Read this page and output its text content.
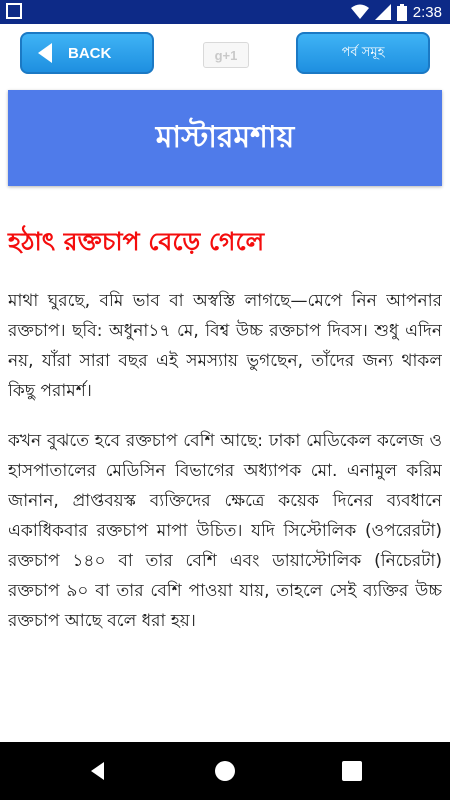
2:38
BACK	g+1	পর্ব সমূহ
মাস্টারমশায়
হঠাৎ রক্তচাপ বেড়ে গেলে

মাথা ঘুরছে, বমি ভাব বা অস্বস্তি লাগছে—মেপে নিন আপনার রক্তচাপ। ছবি: অধুনা১৭ মে, বিশ্ব উচ্চ রক্তচাপ দিবস। শুধু এদিন নয়, যাঁরা সারা বছর এই সমস্যায় ভুগছেন, তাঁদের জন্য থাকল কিছু পরামর্শ।

কখন বুঝতে হবে রক্তচাপ বেশি আছে: ঢাকা মেডিকেল কলেজ ও হাসপাতালের মেডিসিন বিভাগের অধ্যাপক মো. এনামুল করিম জানান, প্রাপ্তবয়স্ক ব্যক্তিদের ক্ষেত্রে কয়েক দিনের ব্যবধানে একাধিকবার রক্তচাপ মাপা উচিত। যদি সিস্টোলিক (ওপরেরটা) রক্তচাপ ১৪০ বা তার বেশি এবং ডায়াস্টোলিক (নিচেরটা) রক্তচাপ ৯০ বা তার বেশি পাওয়া যায়, তাহলে সেই ব্যক্তির উচ্চ রক্তচাপ আছে বলে ধরা হয়।
